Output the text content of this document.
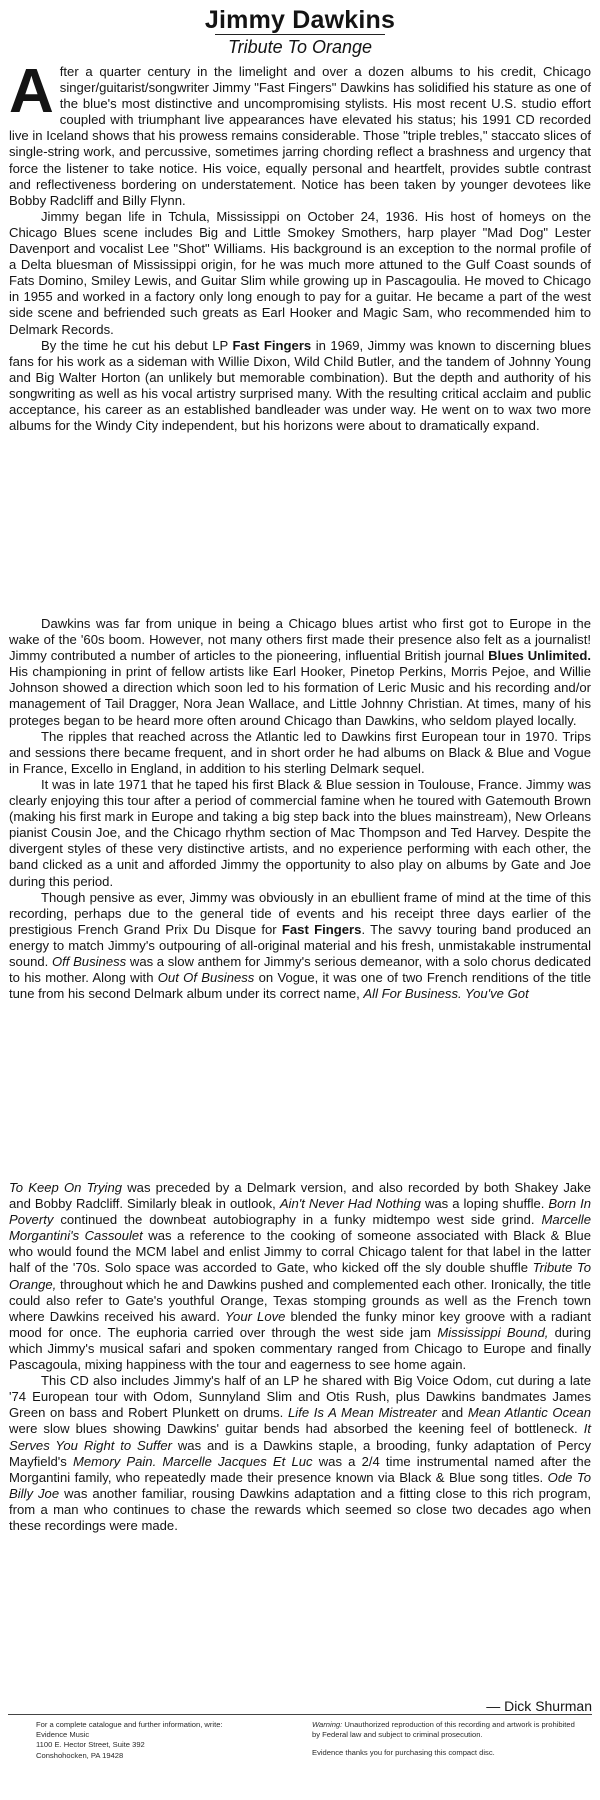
Jimmy Dawkins
Tribute To Orange

After a quarter century in the limelight and over a dozen albums to his credit, Chicago singer/guitarist/songwriter Jimmy "Fast Fingers" Dawkins has solidified his stature as one of the blue's most distinctive and uncompromising stylists. His most recent U.S. studio effort coupled with triumphant live appearances have elevated his status; his 1991 CD recorded live in Iceland shows that his prowess remains considerable. Those "triple trebles," staccato slices of single-string work, and percussive, sometimes jarring chording reflect a brashness and urgency that force the listener to take notice. His voice, equally personal and heartfelt, provides subtle contrast and reflectiveness bordering on understatement. Notice has been taken by younger devotees like Bobby Radcliff and Billy Flynn.

Jimmy began life in Tchula, Mississippi on October 24, 1936. His host of homeys on the Chicago Blues scene includes Big and Little Smokey Smothers, harp player "Mad Dog" Lester Davenport and vocalist Lee "Shot" Williams. His background is an exception to the normal profile of a Delta bluesman of Mississippi origin, for he was much more attuned to the Gulf Coast sounds of Fats Domino, Smiley Lewis, and Guitar Slim while growing up in Pascagoulia. He moved to Chicago in 1955 and worked in a factory only long enough to pay for a guitar. He became a part of the west side scene and befriended such greats as Earl Hooker and Magic Sam, who recommended him to Delmark Records.

By the time he cut his debut LP Fast Fingers in 1969, Jimmy was known to discerning blues fans for his work as a sideman with Willie Dixon, Wild Child Butler, and the tandem of Johnny Young and Big Walter Horton (an unlikely but memorable combination). But the depth and authority of his songwriting as well as his vocal artistry surprised many. With the resulting critical acclaim and public acceptance, his career as an established bandleader was under way. He went on to wax two more albums for the Windy City independent, but his horizons were about to dramatically expand.

Dawkins was far from unique in being a Chicago blues artist who first got to Europe in the wake of the '60s boom. However, not many others first made their presence also felt as a journalist! Jimmy contributed a number of articles to the pioneering, influential British journal Blues Unlimited. His championing in print of fellow artists like Earl Hooker, Pinetop Perkins, Morris Pejoe, and Willie Johnson showed a direction which soon led to his formation of Leric Music and his recording and/or management of Tail Dragger, Nora Jean Wallace, and Little Johnny Christian. At times, many of his proteges began to be heard more often around Chicago than Dawkins, who seldom played locally.

The ripples that reached across the Atlantic led to Dawkins first European tour in 1970. Trips and sessions there became frequent, and in short order he had albums on Black & Blue and Vogue in France, Excello in England, in addition to his sterling Delmark sequel.

It was in late 1971 that he taped his first Black & Blue session in Toulouse, France. Jimmy was clearly enjoying this tour after a period of commercial famine when he toured with Gatemouth Brown (making his first mark in Europe and taking a big step back into the blues mainstream), New Orleans pianist Cousin Joe, and the Chicago rhythm section of Mac Thompson and Ted Harvey. Despite the divergent styles of these very distinctive artists, and no experience performing with each other, the band clicked as a unit and afforded Jimmy the opportunity to also play on albums by Gate and Joe during this period.

Though pensive as ever, Jimmy was obviously in an ebullient frame of mind at the time of this recording, perhaps due to the general tide of events and his receipt three days earlier of the prestigious French Grand Prix Du Disque for Fast Fingers. The savvy touring band produced an energy to match Jimmy's outpouring of all-original material and his fresh, unmistakable instrumental sound. Off Business was a slow anthem for Jimmy's serious demeanor, with a solo chorus dedicated to his mother. Along with Out Of Business on Vogue, it was one of two French renditions of the title tune from his second Delmark album under its correct name, All For Business. You've Got

To Keep On Trying was preceded by a Delmark version, and also recorded by both Shakey Jake and Bobby Radcliff. Similarly bleak in outlook, Ain't Never Had Nothing was a loping shuffle. Born In Poverty continued the downbeat autobiography in a funky midtempo west side grind. Marcelle Morgantini's Cassoulet was a reference to the cooking of someone associated with Black & Blue who would found the MCM label and enlist Jimmy to corral Chicago talent for that label in the latter half of the '70s. Solo space was accorded to Gate, who kicked off the sly double shuffle Tribute To Orange, throughout which he and Dawkins pushed and complemented each other. Ironically, the title could also refer to Gate's youthful Orange, Texas stomping grounds as well as the French town where Dawkins received his award. Your Love blended the funky minor key groove with a radiant mood for once. The euphoria carried over through the west side jam Mississippi Bound, during which Jimmy's musical safari and spoken commentary ranged from Chicago to Europe and finally Pascagoula, mixing happiness with the tour and eagerness to see home again.

This CD also includes Jimmy's half of an LP he shared with Big Voice Odom, cut during a late '74 European tour with Odom, Sunnyland Slim and Otis Rush, plus Dawkins bandmates James Green on bass and Robert Plunkett on drums. Life Is A Mean Mistreater and Mean Atlantic Ocean were slow blues showing Dawkins' guitar bends had absorbed the keening feel of bottleneck. It Serves You Right to Suffer was and is a Dawkins staple, a brooding, funky adaptation of Percy Mayfield's Memory Pain. Marcelle Jacques Et Luc was a 2/4 time instrumental named after the Morgantini family, who repeatedly made their presence known via Black & Blue song titles. Ode To Billy Joe was another familiar, rousing Dawkins adaptation and a fitting close to this rich program, from a man who continues to chase the rewards which seemed so close two decades ago when these recordings were made.

— Dick Shurman
For a complete catalogue and further information, write:
Evidence Music
1100 E. Hector Street, Suite 392
Conshohocken, PA 19428
Warning: Unauthorized reproduction of this recording and artwork is prohibited by Federal law and subject to criminal prosecution.
Evidence thanks you for purchasing this compact disc.
